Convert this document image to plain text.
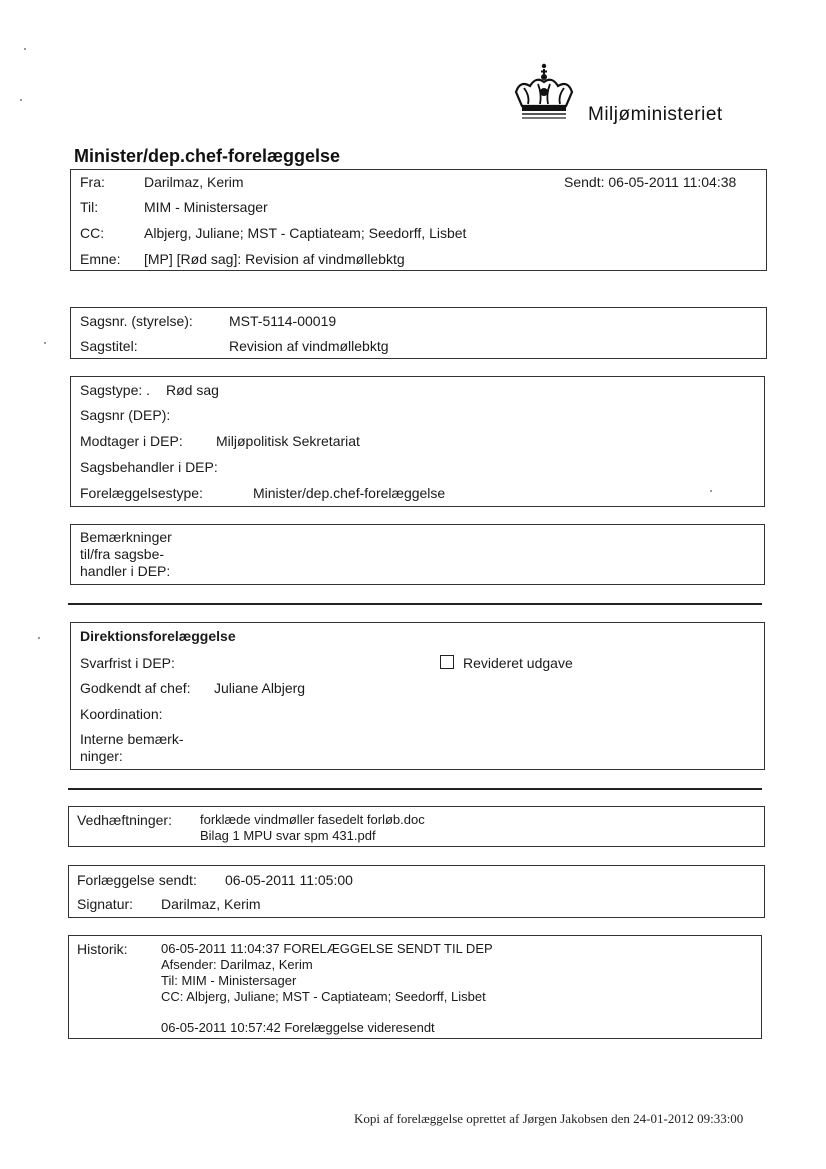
Miljøministeriet
Minister/dep.chef-forelæggelse
Fra:	Darilmaz, Kerim	Sendt: 06-05-2011 11:04:38
Til:	MIM - Ministersager
CC:	Albjerg, Juliane; MST - Captiateam; Seedorff, Lisbet
Emne: [MP] [Rød sag]: Revision af vindmøllebktg
Sagsnr. (styrelse):	MST-5114-00019
Sagstitel:	Revision af vindmøllebktg
Sagstype: . Rød sag
Sagsnr (DEP):
Modtager i DEP: Miljøpolitisk Sekretariat
Sagsbehandler i DEP:
Forelæggelsestype:	Minister/dep.chef-forelæggelse
Bemærkninger
til/fra sagsbe-
handler i DEP:
Direktionsforelæggelse
Svarfrist i DEP:	Revideret udgave
Godkendt af chef: Juliane Albjerg
Koordination:
Interne bemærk-
ninger:
Vedhæftninger: forklæde vindmøller fasedelt forløb.doc
Bilag 1 MPU svar spm 431.pdf
Forlæggelse sendt: 06-05-2011 11:05:00
Signatur: Darilmaz, Kerim
Historik:	06-05-2011 11:04:37 FORELÆGGELSE SENDT TIL DEP
Afsender: Darilmaz, Kerim
Til: MIM - Ministersager
CC: Albjerg, Juliane; MST - Captiateam; Seedorff, Lisbet
06-05-2011 10:57:42 Forelæggelse videresendt
Kopi af forelæggelse oprettet af Jørgen Jakobsen den 24-01-2012 09:33:00
